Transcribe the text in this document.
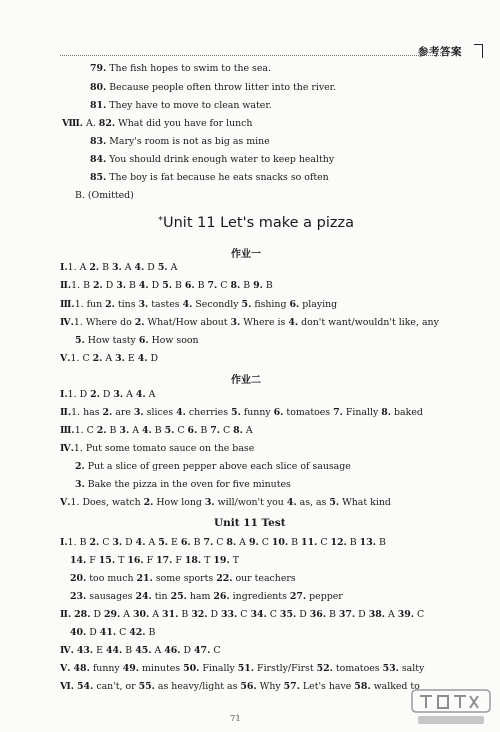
参考答案
79. The fish hopes to swim to the sea.
80. Because people often throw litter into the river.
81. They have to move to clean water.
Ⅷ. A. 82. What did you have for lunch
83. Mary's room is not as big as mine
84. You should drink enough water to keep healthy
85. The boy is fat because he eats snacks so often
B. (Omitted)
Ⅰ.1. A 2. B 3. A 4. D 5. A
Ⅱ.1. B 2. D 3. B 4. D 5. B 6. B 7. C 8. B 9. B
Ⅲ.1. fun 2. tins 3. tastes 4. Secondly 5. fishing 6. playing
Ⅳ.1. Where do 2. What/How about 3. Where is 4. don't want/wouldn't like, any
5. How tasty 6. How soon
Ⅴ.1. C 2. A 3. E 4. D
Ⅰ.1. D 2. D 3. A 4. A
Ⅱ.1. has 2. are 3. slices 4. cherries 5. funny 6. tomatoes 7. Finally 8. baked
Ⅲ.1. C 2. B 3. A 4. B 5. C 6. B 7. C 8. A
Ⅳ.1. Put some tomato sauce on the base
2. Put a slice of green pepper above each slice of sausage
3. Bake the pizza in the oven for five minutes
Ⅴ.1. Does, watch 2. How long 3. will/won't you 4. as, as 5. What kind
Ⅰ.1. B 2. C 3. D 4. A 5. E 6. B 7. C 8. A 9. C 10. B 11. C 12. B 13. B
14. F 15. T 16. F 17. F 18. T 19. T
20. too much 21. some sports 22. our teachers
23. sausages 24. tin 25. ham 26. ingredients 27. pepper
Ⅱ. 28. D 29. A 30. A 31. B 32. D 33. C 34. C 35. D 36. B 37. D 38. A 39. C
40. D 41. C 42. B
Ⅳ. 43. E 44. B 45. A 46. D 47. C
Ⅴ. 48. funny 49. minutes 50. Finally 51. Firstly/First 52. tomatoes 53. salty
Ⅵ. 54. can't, or 55. as heavy/light as 56. Why 57. Let's have 58. walked to
*Unit 11 Let's make a pizza
作业一
作业二
Unit 11 Test
71
